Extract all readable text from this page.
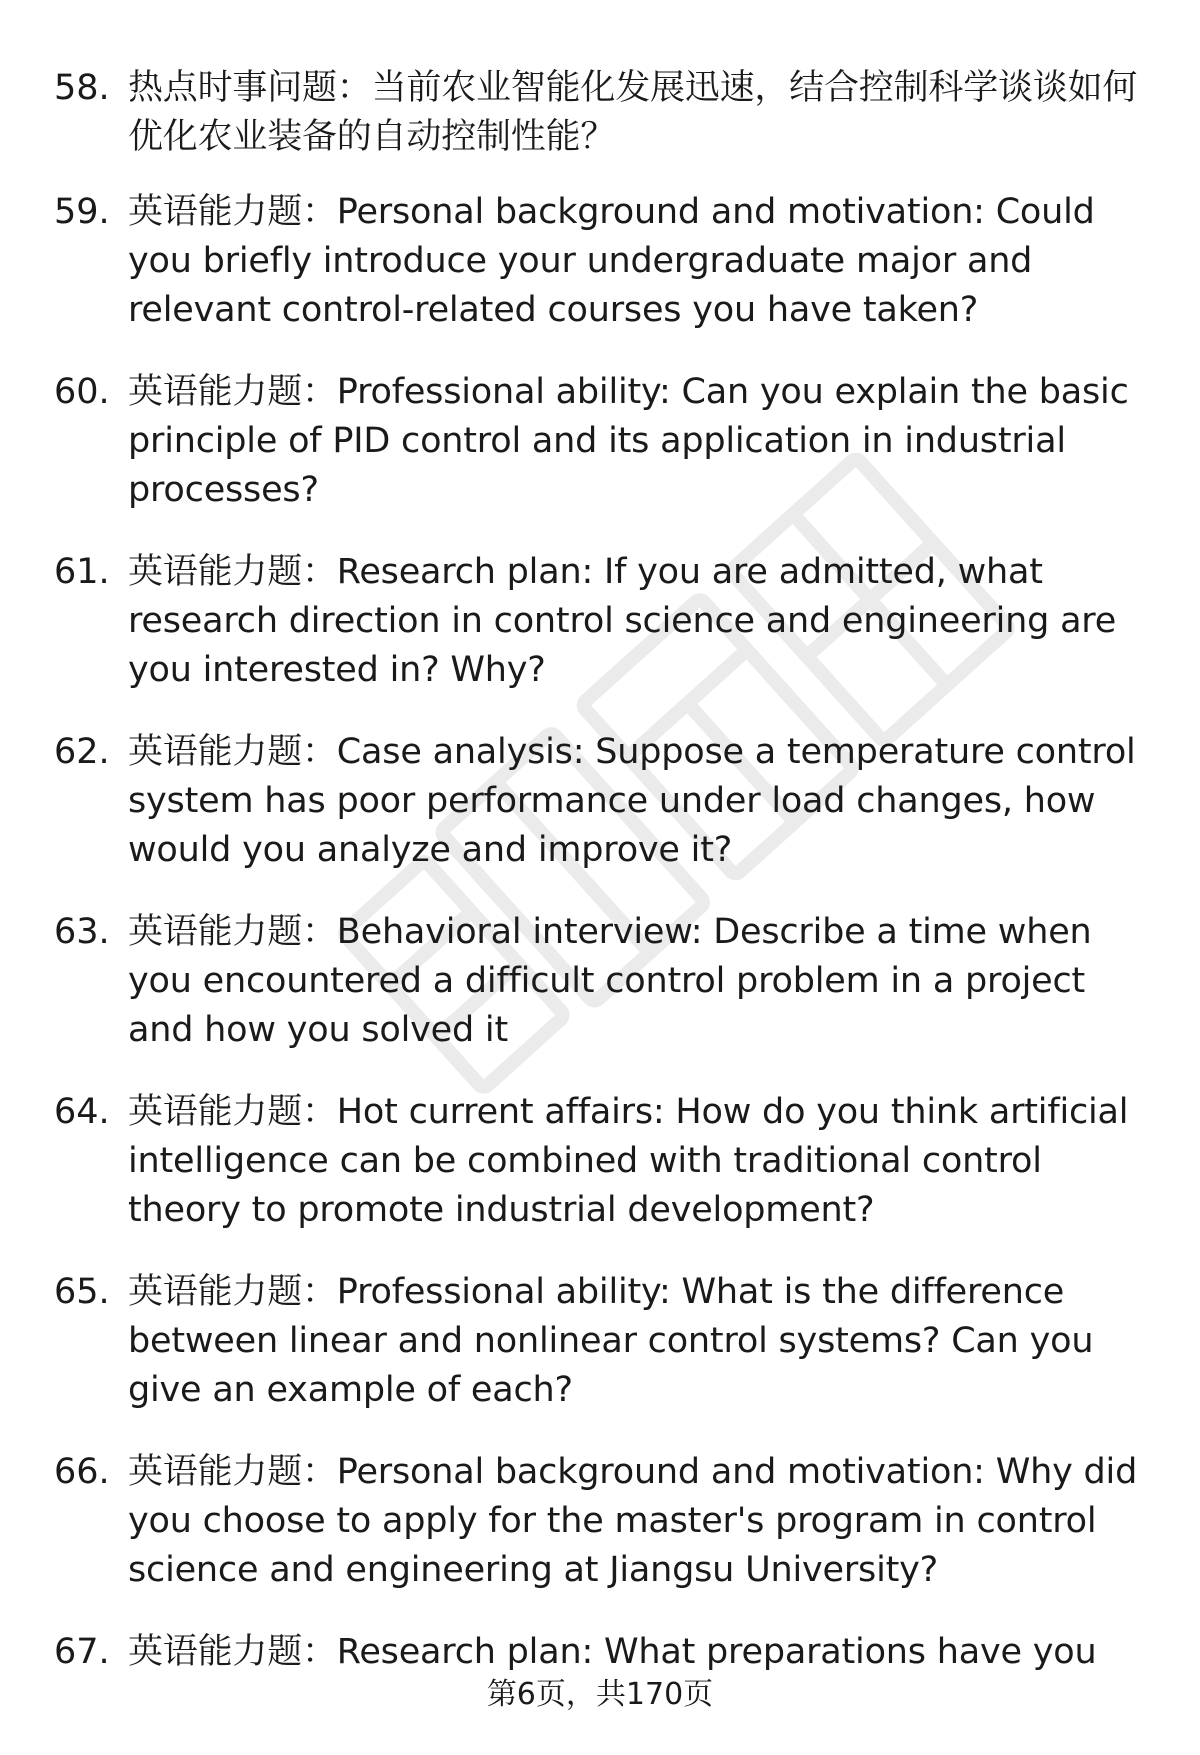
58. 热点时事问题：当前农业智能化发展迅速，结合控制科学谈谈如何优化农业装备的自动控制性能？
59. 英语能力题：Personal background and motivation: Could you briefly introduce your undergraduate major and relevant control-related courses you have taken?
60. 英语能力题：Professional ability: Can you explain the basic principle of PID control and its application in industrial processes?
61. 英语能力题：Research plan: If you are admitted, what research direction in control science and engineering are you interested in? Why?
62. 英语能力题：Case analysis: Suppose a temperature control system has poor performance under load changes, how would you analyze and improve it?
63. 英语能力题：Behavioral interview: Describe a time when you encountered a difficult control problem in a project and how you solved it
64. 英语能力题：Hot current affairs: How do you think artificial intelligence can be combined with traditional control theory to promote industrial development?
65. 英语能力题：Professional ability: What is the difference between linear and nonlinear control systems? Can you give an example of each?
66. 英语能力题：Personal background and motivation: Why did you choose to apply for the master's program in control science and engineering at Jiangsu University?
67. 英语能力题：Research plan: What preparations have you
第6页，共170页
